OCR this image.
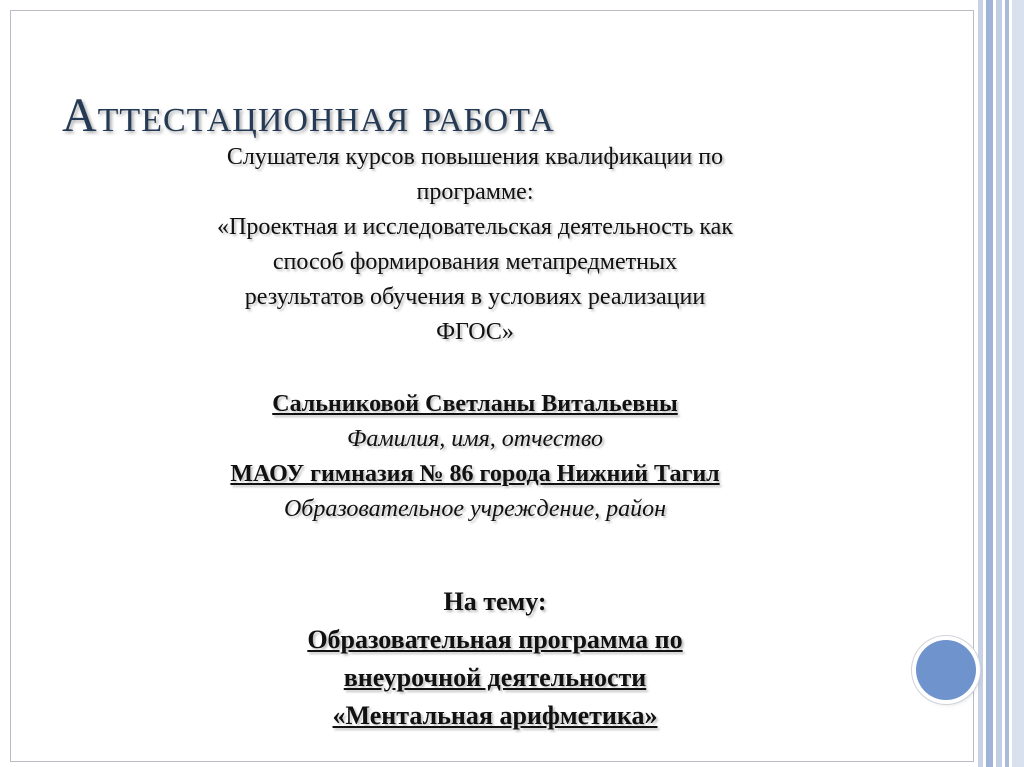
Аттестационная работа

Слушателя курсов повышения квалификации по
программе:
«Проектная и исследовательская деятельность как
способ формирования метапредметных
результатов обучения в условиях реализации
ФГОС»

Сальниковой Светланы Витальевны

Фамилия, имя, отчество

МАОУ гимназия № 86 города Нижний Тагил

Образовательное учреждение, район

На тему:
Образовательная программа по
внеурочной деятельности
«Ментальная арифметика»
